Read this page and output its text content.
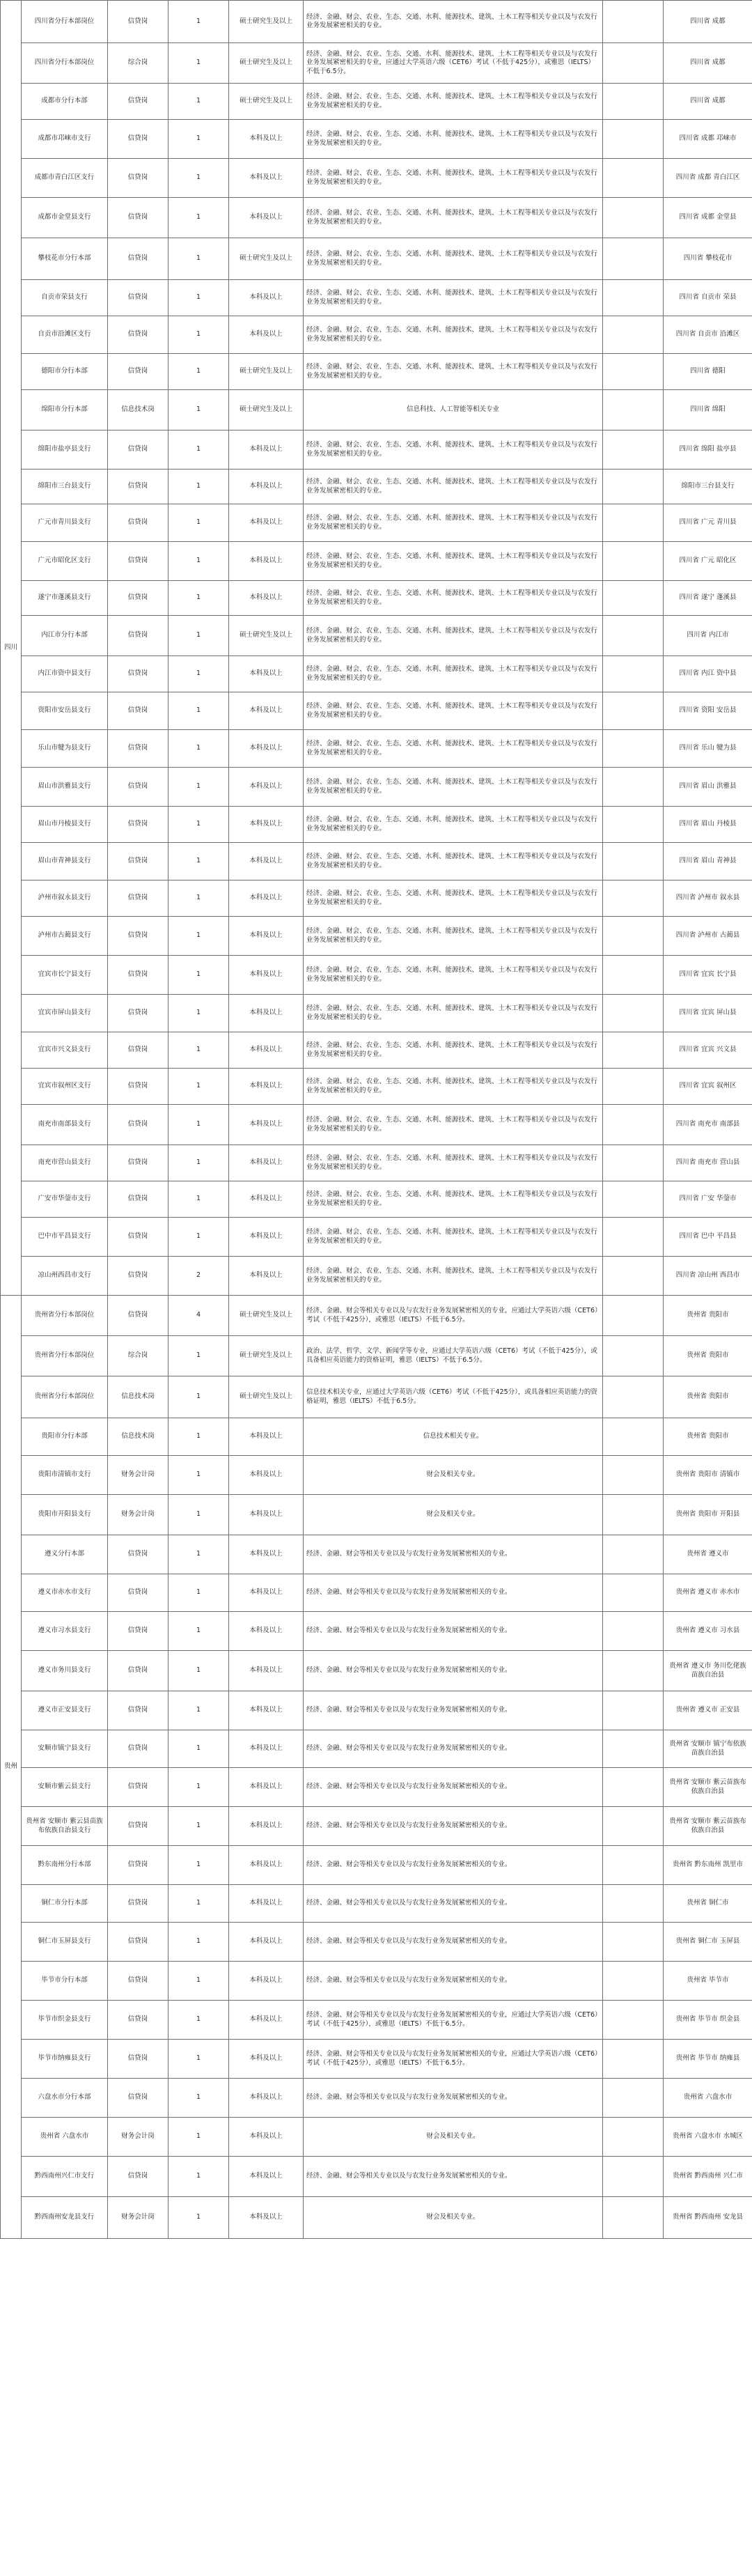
四川	四川省分行本部岗位	信贷岗	1	硕士研究生及以上	经济、金融、财会、农业、生态、交通、水利、能源技术、建筑、土木工程等相关专业以及与农发行业务发展紧密相关的专业。		四川省 成都
	四川省分行本部岗位	综合岗	1	硕士研究生及以上	经济、金融、财会、农业、生态、交通、水利、能源技术、建筑、土木工程等相关专业以及与农发行业务发展紧密相关的专业，应通过大学英语六级（CET6）考试（不低于425分），或雅思（IELTS）不低于6.5分。		四川省 成都
	成都市分行本部	信贷岗	1	硕士研究生及以上	经济、金融、财会、农业、生态、交通、水利、能源技术、建筑、土木工程等相关专业以及与农发行业务发展紧密相关的专业。		四川省 成都
	成都市邛崃市支行	信贷岗	1	本科及以上	经济、金融、财会、农业、生态、交通、水利、能源技术、建筑、土木工程等相关专业以及与农发行业务发展紧密相关的专业。		四川省 成都 邛崃市
	成都市青白江区支行	信贷岗	1	本科及以上	经济、金融、财会、农业、生态、交通、水利、能源技术、建筑、土木工程等相关专业以及与农发行业务发展紧密相关的专业。		四川省 成都 青白江区
	成都市金堂县支行	信贷岗	1	本科及以上	经济、金融、财会、农业、生态、交通、水利、能源技术、建筑、土木工程等相关专业以及与农发行业务发展紧密相关的专业。		四川省 成都 金堂县
	攀枝花市分行本部	信贷岗	1	硕士研究生及以上	经济、金融、财会、农业、生态、交通、水利、能源技术、建筑、土木工程等相关专业以及与农发行业务发展紧密相关的专业。		四川省 攀枝花市
	自贡市荣县支行	信贷岗	1	本科及以上	经济、金融、财会、农业、生态、交通、水利、能源技术、建筑、土木工程等相关专业以及与农发行业务发展紧密相关的专业。		四川省 自贡市 荣县
	自贡市沿滩区支行	信贷岗	1	本科及以上	经济、金融、财会、农业、生态、交通、水利、能源技术、建筑、土木工程等相关专业以及与农发行业务发展紧密相关的专业。		四川省 自贡市 沿滩区
	德阳市分行本部	信贷岗	1	硕士研究生及以上	经济、金融、财会、农业、生态、交通、水利、能源技术、建筑、土木工程等相关专业以及与农发行业务发展紧密相关的专业。		四川省 德阳
	绵阳市分行本部	信息技术岗	1	硕士研究生及以上	信息科技、人工智能等相关专业		四川省 绵阳
	绵阳市盐亭县支行	信贷岗	1	本科及以上	经济、金融、财会、农业、生态、交通、水利、能源技术、建筑、土木工程等相关专业以及与农发行业务发展紧密相关的专业。		四川省 绵阳 盐亭县
	绵阳市三台县支行	信贷岗	1	本科及以上	经济、金融、财会、农业、生态、交通、水利、能源技术、建筑、土木工程等相关专业以及与农发行业务发展紧密相关的专业。		绵阳市三台县支行
	广元市青川县支行	信贷岗	1	本科及以上	经济、金融、财会、农业、生态、交通、水利、能源技术、建筑、土木工程等相关专业以及与农发行业务发展紧密相关的专业。		四川省 广元 青川县
	广元市昭化区支行	信贷岗	1	本科及以上	经济、金融、财会、农业、生态、交通、水利、能源技术、建筑、土木工程等相关专业以及与农发行业务发展紧密相关的专业。		四川省 广元 昭化区
	遂宁市蓬溪县支行	信贷岗	1	本科及以上	经济、金融、财会、农业、生态、交通、水利、能源技术、建筑、土木工程等相关专业以及与农发行业务发展紧密相关的专业。		四川省 遂宁 蓬溪县
	内江市分行本部	信贷岗	1	硕士研究生及以上	经济、金融、财会、农业、生态、交通、水利、能源技术、建筑、土木工程等相关专业以及与农发行业务发展紧密相关的专业。		四川省 内江市
	内江市资中县支行	信贷岗	1	本科及以上	经济、金融、财会、农业、生态、交通、水利、能源技术、建筑、土木工程等相关专业以及与农发行业务发展紧密相关的专业。		四川省 内江 资中县
	资阳市安岳县支行	信贷岗	1	本科及以上	经济、金融、财会、农业、生态、交通、水利、能源技术、建筑、土木工程等相关专业以及与农发行业务发展紧密相关的专业。		四川省 资阳 安岳县
	乐山市犍为县支行	信贷岗	1	本科及以上	经济、金融、财会、农业、生态、交通、水利、能源技术、建筑、土木工程等相关专业以及与农发行业务发展紧密相关的专业。		四川省 乐山 犍为县
	眉山市洪雅县支行	信贷岗	1	本科及以上	经济、金融、财会、农业、生态、交通、水利、能源技术、建筑、土木工程等相关专业以及与农发行业务发展紧密相关的专业。		四川省 眉山 洪雅县
	眉山市丹棱县支行	信贷岗	1	本科及以上	经济、金融、财会、农业、生态、交通、水利、能源技术、建筑、土木工程等相关专业以及与农发行业务发展紧密相关的专业。		四川省 眉山 丹棱县
	眉山市青神县支行	信贷岗	1	本科及以上	经济、金融、财会、农业、生态、交通、水利、能源技术、建筑、土木工程等相关专业以及与农发行业务发展紧密相关的专业。		四川省 眉山 青神县
	泸州市叙永县支行	信贷岗	1	本科及以上	经济、金融、财会、农业、生态、交通、水利、能源技术、建筑、土木工程等相关专业以及与农发行业务发展紧密相关的专业。		四川省 泸州市 叙永县
	泸州市古蔺县支行	信贷岗	1	本科及以上	经济、金融、财会、农业、生态、交通、水利、能源技术、建筑、土木工程等相关专业以及与农发行业务发展紧密相关的专业。		四川省 泸州市 古蔺县
	宜宾市长宁县支行	信贷岗	1	本科及以上	经济、金融、财会、农业、生态、交通、水利、能源技术、建筑、土木工程等相关专业以及与农发行业务发展紧密相关的专业。		四川省 宜宾 长宁县
	宜宾市屏山县支行	信贷岗	1	本科及以上	经济、金融、财会、农业、生态、交通、水利、能源技术、建筑、土木工程等相关专业以及与农发行业务发展紧密相关的专业。		四川省 宜宾 屏山县
	宜宾市兴文县支行	信贷岗	1	本科及以上	经济、金融、财会、农业、生态、交通、水利、能源技术、建筑、土木工程等相关专业以及与农发行业务发展紧密相关的专业。		四川省 宜宾 兴文县
	宜宾市叙州区支行	信贷岗	1	本科及以上	经济、金融、财会、农业、生态、交通、水利、能源技术、建筑、土木工程等相关专业以及与农发行业务发展紧密相关的专业。		四川省 宜宾 叙州区
	南充市南部县支行	信贷岗	1	本科及以上	经济、金融、财会、农业、生态、交通、水利、能源技术、建筑、土木工程等相关专业以及与农发行业务发展紧密相关的专业。		四川省 南充市 南部县
	南充市营山县支行	信贷岗	1	本科及以上	经济、金融、财会、农业、生态、交通、水利、能源技术、建筑、土木工程等相关专业以及与农发行业务发展紧密相关的专业。		四川省 南充市 营山县
	广安市华蓥市支行	信贷岗	1	本科及以上	经济、金融、财会、农业、生态、交通、水利、能源技术、建筑、土木工程等相关专业以及与农发行业务发展紧密相关的专业。		四川省 广安 华蓥市
	巴中市平昌县支行	信贷岗	1	本科及以上	经济、金融、财会、农业、生态、交通、水利、能源技术、建筑、土木工程等相关专业以及与农发行业务发展紧密相关的专业。		四川省 巴中 平昌县
	凉山州西昌市支行	信贷岗	2	本科及以上	经济、金融、财会、农业、生态、交通、水利、能源技术、建筑、土木工程等相关专业以及与农发行业务发展紧密相关的专业。		四川省 凉山州 西昌市
贵州	贵州省分行本部岗位	信贷岗	4	硕士研究生及以上	经济、金融、财会等相关专业以及与农发行业务发展紧密相关的专业，应通过大学英语六级（CET6）考试（不低于425分），或雅思（IELTS）不低于6.5分。		贵州省 贵阳市
	贵州省分行本部岗位	综合岗	1	硕士研究生及以上	政治、法学、哲学、文学、新闻学等专业，应通过大学英语六级（CET6）考试（不低于425分），或具备相应英语能力的资格证明，雅思（IELTS）不低于6.5分。		贵州省 贵阳市
	贵州省分行本部岗位	信息技术岗	1	硕士研究生及以上	信息技术相关专业，应通过大学英语六级（CET6）考试（不低于425分），或具备相应英语能力的资格证明，雅思（IELTS）不低于6.5分。		贵州省 贵阳市
	贵阳市分行本部	信息技术岗	1	本科及以上	信息技术相关专业。		贵州省 贵阳市
	贵阳市清镇市支行	财务会计岗	1	本科及以上	财会及相关专业。		贵州省 贵阳市 清镇市
	贵阳市开阳县支行	财务会计岗	1	本科及以上	财会及相关专业。		贵州省 贵阳市 开阳县
	遵义分行本部	信贷岗	1	本科及以上	经济、金融、财会等相关专业以及与农发行业务发展紧密相关的专业。		贵州省 遵义市
	遵义市赤水市支行	信贷岗	1	本科及以上	经济、金融、财会等相关专业以及与农发行业务发展紧密相关的专业。		贵州省 遵义市 赤水市
	遵义市习水县支行	信贷岗	1	本科及以上	经济、金融、财会等相关专业以及与农发行业务发展紧密相关的专业。		贵州省 遵义市 习水县
	遵义市务川县支行	信贷岗	1	本科及以上	经济、金融、财会等相关专业以及与农发行业务发展紧密相关的专业。		贵州省 遵义市 务川仡佬族苗族自治县
	遵义市正安县支行	信贷岗	1	本科及以上	经济、金融、财会等相关专业以及与农发行业务发展紧密相关的专业。		贵州省 遵义市 正安县
	安顺市镇宁县支行	信贷岗	1	本科及以上	经济、金融、财会等相关专业以及与农发行业务发展紧密相关的专业。		贵州省 安顺市 镇宁布依族苗族自治县
	安顺市紫云县支行	信贷岗	1	本科及以上	经济、金融、财会等相关专业以及与农发行业务发展紧密相关的专业。		贵州省 安顺市 紫云苗族布依族自治县
	贵州省 安顺市 紫云县苗族布依族自治县支行	信贷岗	1	本科及以上	经济、金融、财会等相关专业以及与农发行业务发展紧密相关的专业。		贵州省 安顺市 紫云苗族布依族自治县
	黔东南州分行本部	信贷岗	1	本科及以上	经济、金融、财会等相关专业以及与农发行业务发展紧密相关的专业。		贵州省 黔东南州 凯里市
	铜仁市分行本部	信贷岗	1	本科及以上	经济、金融、财会等相关专业以及与农发行业务发展紧密相关的专业。		贵州省 铜仁市
	铜仁市玉屏县支行	信贷岗	1	本科及以上	经济、金融、财会等相关专业以及与农发行业务发展紧密相关的专业。		贵州省 铜仁市 玉屏县
	毕节市分行本部	信贷岗	1	本科及以上	经济、金融、财会等相关专业以及与农发行业务发展紧密相关的专业。		贵州省 毕节市
	毕节市织金县支行	信贷岗	1	本科及以上	经济、金融、财会等相关专业以及与农发行业务发展紧密相关的专业，应通过大学英语六级（CET6）考试（不低于425分），或雅思（IELTS）不低于6.5分。		贵州省 毕节市 织金县
	毕节市纳雍县支行	信贷岗	1	本科及以上	经济、金融、财会等相关专业以及与农发行业务发展紧密相关的专业，应通过大学英语六级（CET6）考试（不低于425分），或雅思（IELTS）不低于6.5分。		贵州省 毕节市 纳雍县
	六盘水市分行本部	信贷岗	1	本科及以上	经济、金融、财会等相关专业以及与农发行业务发展紧密相关的专业。		贵州省 六盘水市
	贵州省 六盘水市	财务会计岗	1	本科及以上	财会及相关专业。		贵州省 六盘水市 水城区
	黔西南州兴仁市支行	信贷岗	1	本科及以上	经济、金融、财会等相关专业以及与农发行业务发展紧密相关的专业。		贵州省 黔西南州 兴仁市
	黔西南州安龙县支行	财务会计岗	1	本科及以上	财会及相关专业。		贵州省 黔西南州 安龙县
